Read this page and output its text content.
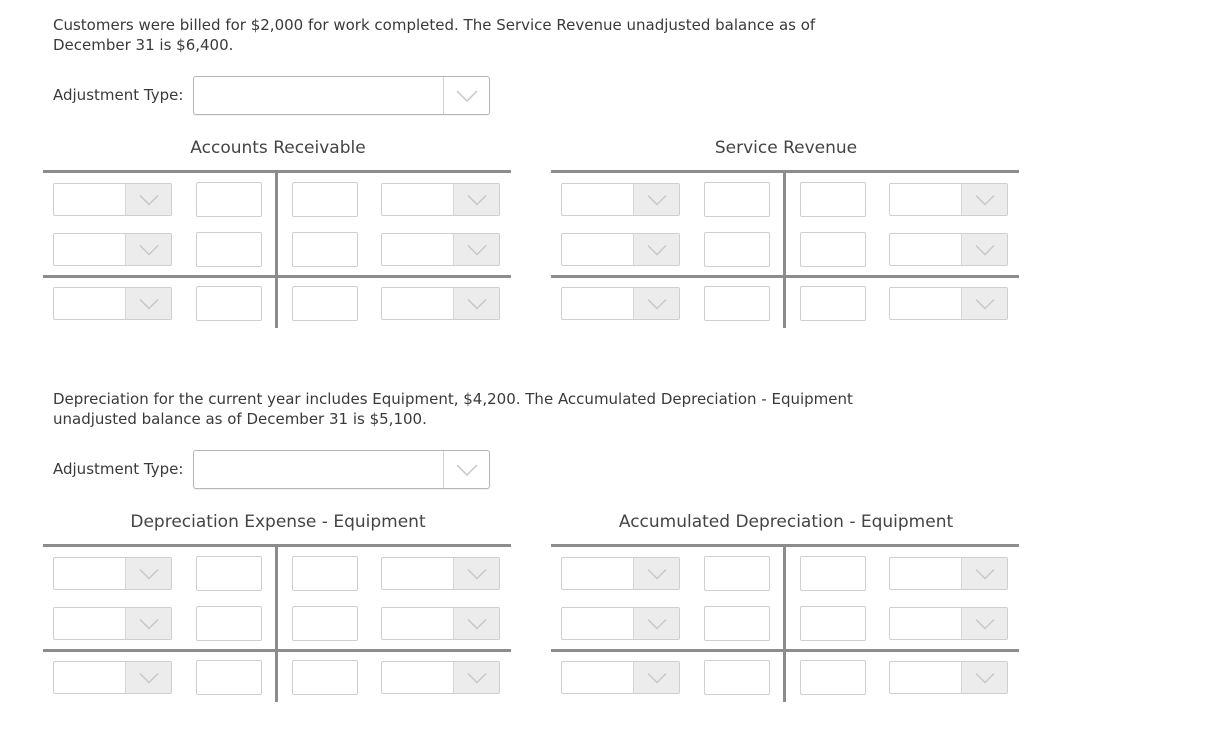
Customers were billed for $2,000 for work completed. The Service Revenue unadjusted balance as of December 31 is $6,400.
Adjustment Type:
Accounts Receivable	Service Revenue
Depreciation for the current year includes Equipment, $4,200. The Accumulated Depreciation - Equipment unadjusted balance as of December 31 is $5,100.
Adjustment Type:
Depreciation Expense - Equipment	Accumulated Depreciation - Equipment
